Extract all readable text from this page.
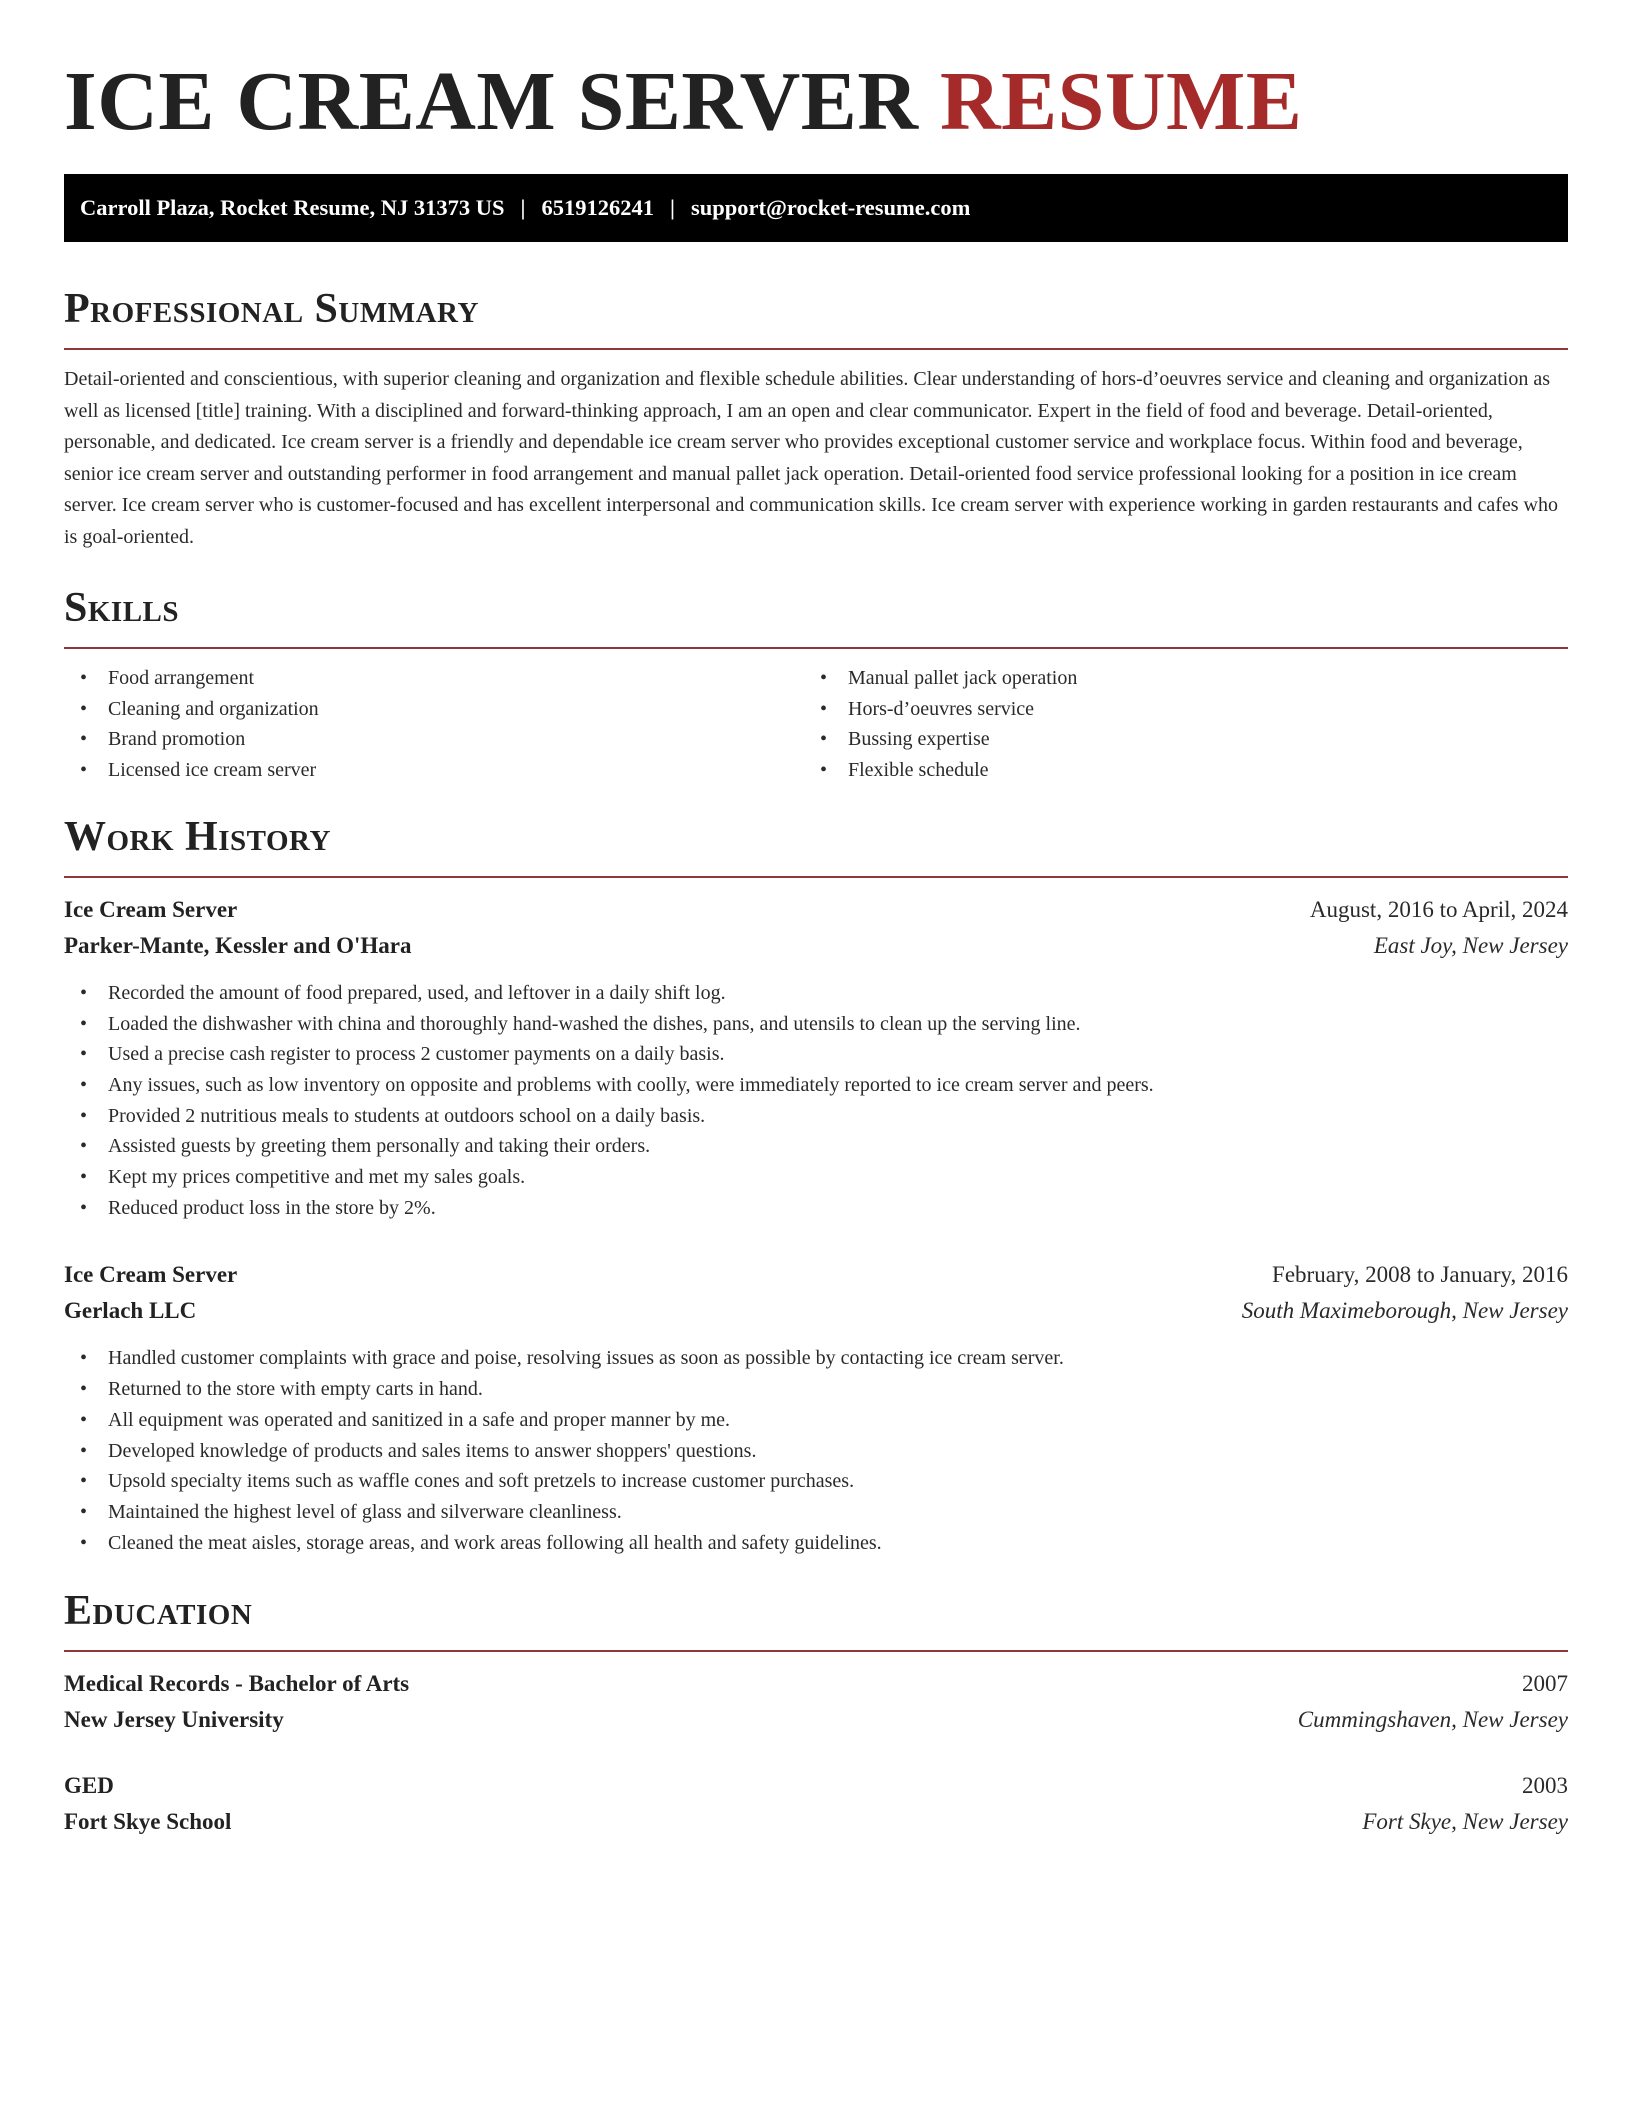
ICE CREAM SERVER RESUME
Carroll Plaza, Rocket Resume, NJ 31373 US | 6519126241 | support@rocket-resume.com
Professional Summary

Detail-oriented and conscientious, with superior cleaning and organization and flexible schedule abilities. Clear understanding of hors-d’oeuvres service and cleaning and organization as well as licensed [title] training. With a disciplined and forward-thinking approach, I am an open and clear communicator. Expert in the field of food and beverage. Detail-oriented, personable, and dedicated. Ice cream server is a friendly and dependable ice cream server who provides exceptional customer service and workplace focus. Within food and beverage, senior ice cream server and outstanding performer in food arrangement and manual pallet jack operation. Detail-oriented food service professional looking for a position in ice cream server. Ice cream server who is customer-focused and has excellent interpersonal and communication skills. Ice cream server with experience working in garden restaurants and cafes who is goal-oriented.

Skills
• Food arrangement
• Cleaning and organization
• Brand promotion
• Licensed ice cream server
• Manual pallet jack operation
• Hors-d’oeuvres service
• Bussing expertise
• Flexible schedule
Work History
Ice Cream Server	August, 2016 to April, 2024
Parker-Mante, Kessler and O'Hara	East Joy, New Jersey
• Recorded the amount of food prepared, used, and leftover in a daily shift log.
• Loaded the dishwasher with china and thoroughly hand-washed the dishes, pans, and utensils to clean up the serving line.
• Used a precise cash register to process 2 customer payments on a daily basis.
• Any issues, such as low inventory on opposite and problems with coolly, were immediately reported to ice cream server and peers.
• Provided 2 nutritious meals to students at outdoors school on a daily basis.
• Assisted guests by greeting them personally and taking their orders.
• Kept my prices competitive and met my sales goals.
• Reduced product loss in the store by 2%.
Ice Cream Server	February, 2008 to January, 2016
Gerlach LLC	South Maximeborough, New Jersey
• Handled customer complaints with grace and poise, resolving issues as soon as possible by contacting ice cream server.
• Returned to the store with empty carts in hand.
• All equipment was operated and sanitized in a safe and proper manner by me.
• Developed knowledge of products and sales items to answer shoppers' questions.
• Upsold specialty items such as waffle cones and soft pretzels to increase customer purchases.
• Maintained the highest level of glass and silverware cleanliness.
• Cleaned the meat aisles, storage areas, and work areas following all health and safety guidelines.
Education
Medical Records - Bachelor of Arts	2007
New Jersey University	Cummingshaven, New Jersey
GED	2003
Fort Skye School	Fort Skye, New Jersey
